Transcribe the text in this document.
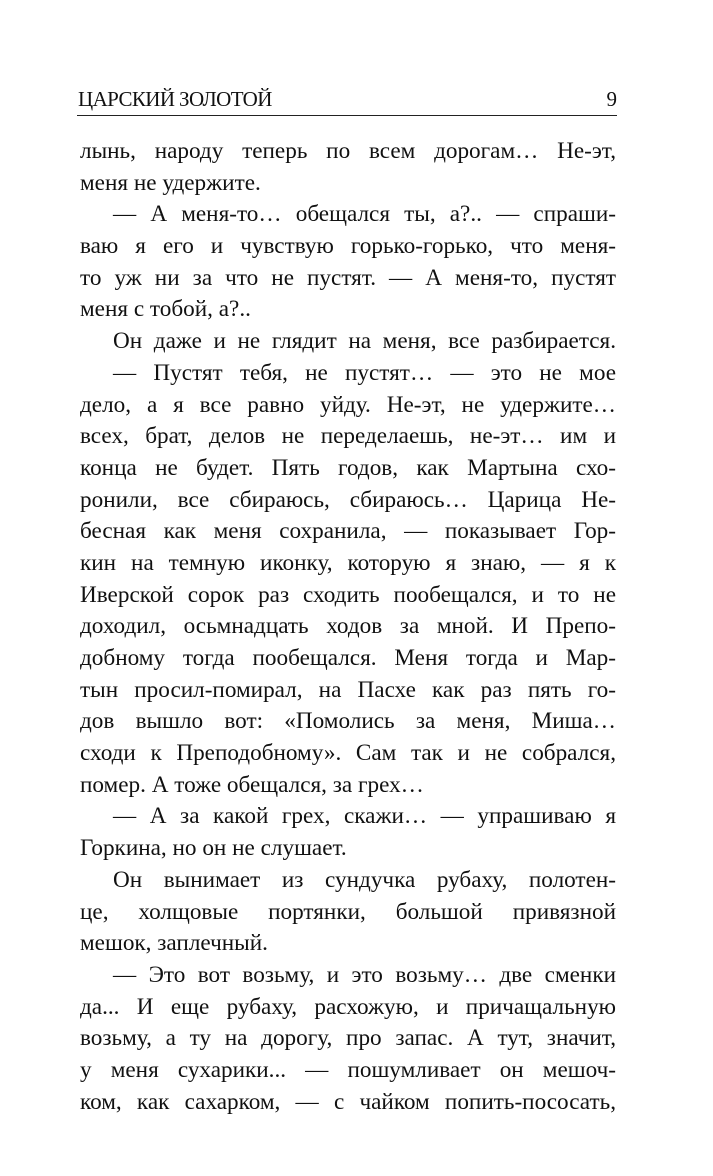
ЦАРСКИЙ ЗОЛОТОЙ	9
лынь, народу теперь по всем дорогам… Не-эт,
меня не удержите.
— А меня-то… обещался ты, а?.. — спраши-
ваю я его и чувствую горько-горько, что меня-
то уж ни за что не пустят. — А меня-то, пустят
меня с тобой, а?..
Он даже и не глядит на меня, все разбирается.
— Пустят тебя, не пустят… — это не мое
дело, а я все равно уйду. Не-эт, не удержите…
всех, брат, делов не переделаешь, не-эт… им и
конца не будет. Пять годов, как Мартына схо-
ронили, все сбираюсь, сбираюсь… Царица Не-
бесная как меня сохранила, — показывает Гор-
кин на темную иконку, которую я знаю, — я к
Иверской сорок раз сходить пообещался, и то не
доходил, осьмнадцать ходов за мной. И Препо-
добному тогда пообещался. Меня тогда и Мар-
тын просил-помирал, на Пасхе как раз пять го-
дов вышло вот: «Помолись за меня, Миша…
сходи к Преподобному». Сам так и не собрался,
помер. А тоже обещался, за грех…
— А за какой грех, скажи… — упрашиваю я
Горкина, но он не слушает.
Он вынимает из сундучка рубаху, полотен-
це, холщовые портянки, большой привязной
мешок, заплечный.
— Это вот возьму, и это возьму… две сменки
да... И еще рубаху, расхожую, и причащальную
возьму, а ту на дорогу, про запас. А тут, значит,
у меня сухарики... — пошумливает он мешоч-
ком, как сахарком, — с чайком попить-пососать,
